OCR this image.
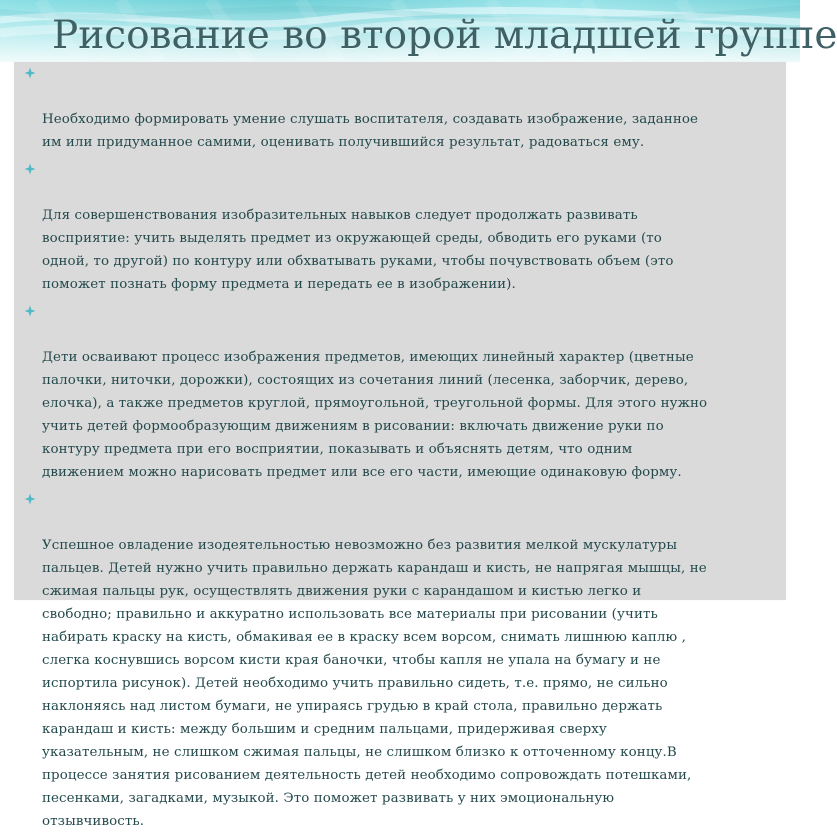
Рисование во второй младшей группе

Необходимо формировать умение слушать воспитателя, создавать изображение, заданное
им или придуманное самими, оценивать получившийся результат, радоваться ему.

Для совершенствования изобразительных навыков следует продолжать развивать
восприятие: учить выделять предмет из окружающей среды, обводить его руками (то
одной, то другой) по контуру или обхватывать руками, чтобы почувствовать объем (это
поможет познать форму предмета и передать ее в изображении).

Дети осваивают процесс изображения предметов, имеющих линейный характер (цветные
палочки, ниточки, дорожки), состоящих из сочетания линий (лесенка, заборчик, дерево,
елочка), а также предметов круглой, прямоугольной, треугольной формы. Для этого нужно
учить детей формообразующим движениям в рисовании: включать движение руки по
контуру предмета при его восприятии, показывать и объяснять детям, что одним
движением можно нарисовать предмет или все его части, имеющие одинаковую форму.

Успешное овладение изодеятельностью невозможно без развития мелкой мускулатуры
пальцев. Детей нужно учить правильно держать карандаш и кисть, не напрягая мышцы, не
сжимая пальцы рук, осуществлять движения руки с карандашом и кистью легко и
свободно; правильно и аккуратно использовать все материалы при рисовании (учить
набирать краску на кисть, обмакивая ее в краску всем ворсом, снимать лишнюю каплю ,
слегка коснувшись ворсом кисти края баночки, чтобы капля не упала на бумагу и не
испортила рисунок). Детей необходимо учить правильно сидеть, т.е. прямо, не сильно
наклоняясь над листом бумаги, не упираясь грудью в край стола, правильно держать
карандаш и кисть: между большим и средним пальцами, придерживая сверху
указательным, не слишком сжимая пальцы, не слишком близко к отточенному концу.В
процессе занятия рисованием деятельность детей необходимо сопровождать потешками,
песенками, загадками, музыкой. Это поможет развивать у них эмоциональную
отзывчивость.
